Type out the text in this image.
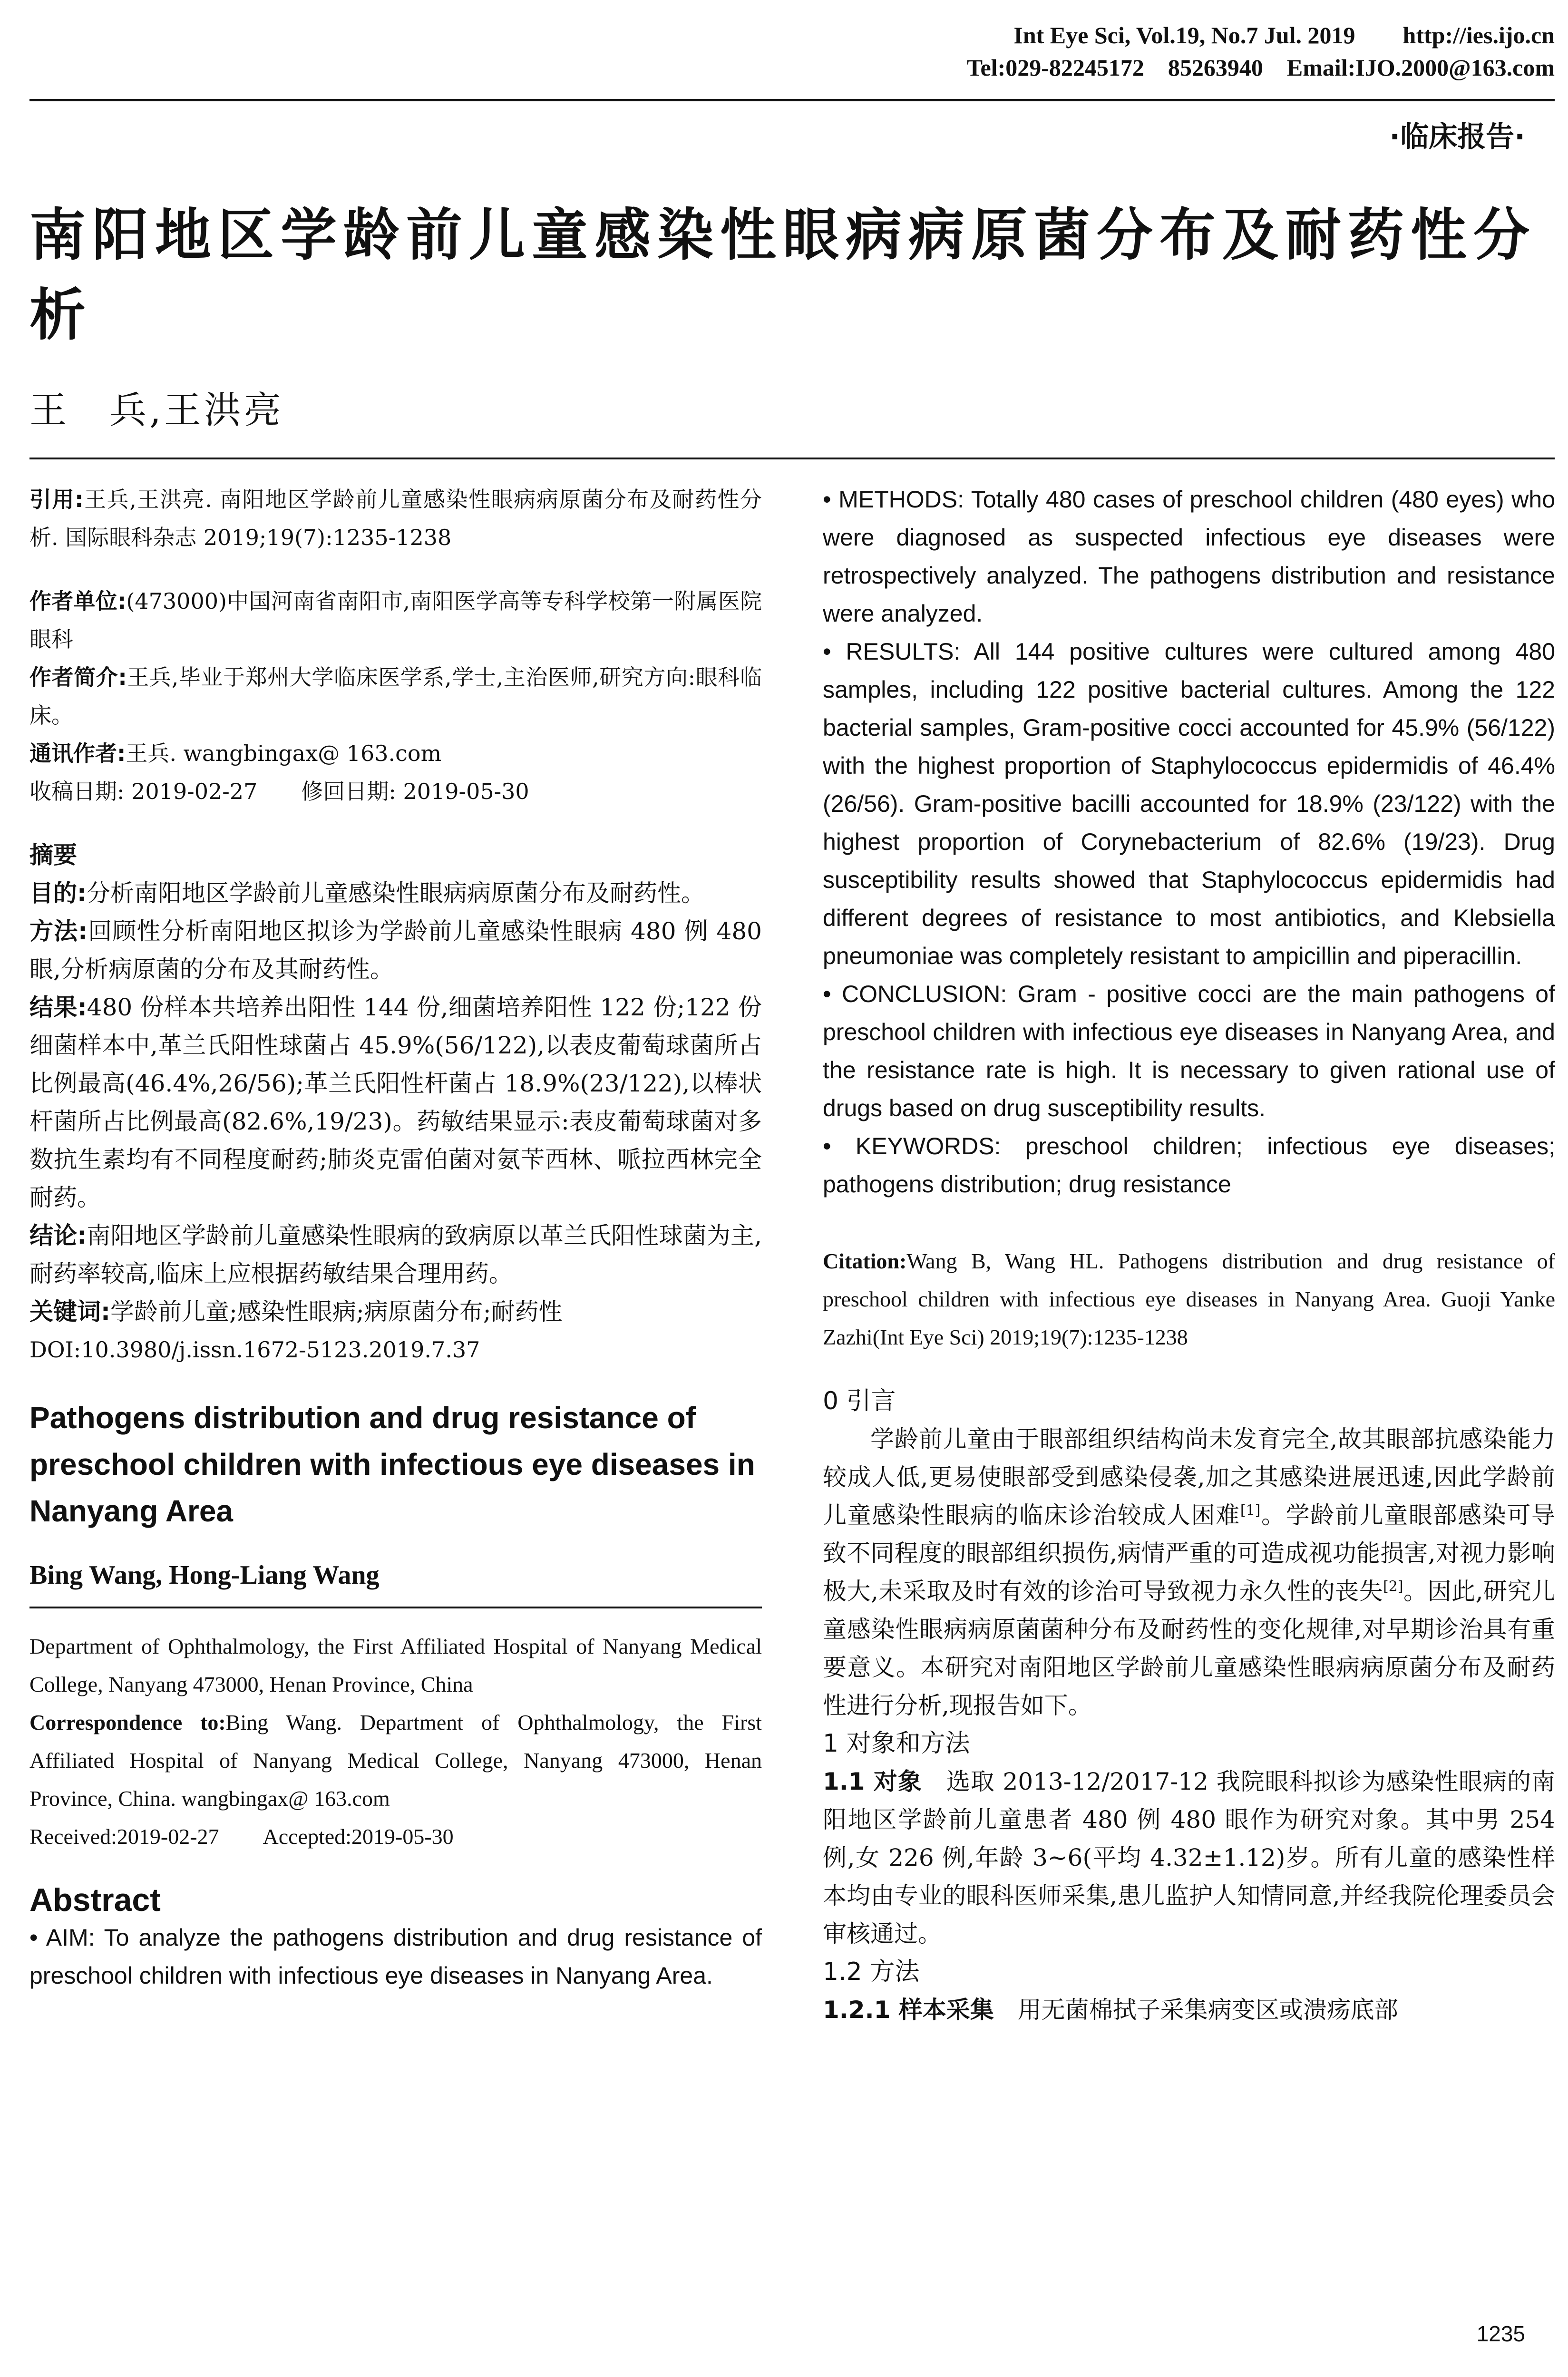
Int Eye Sci, Vol.19, No.7 Jul. 2019        http://ies.ijo.cn
Tel:029-82245172    85263940    Email:IJO.2000@163.com
·临床报告·
南阳地区学龄前儿童感染性眼病病原菌分布及耐药性分析
王　兵,王洪亮

引用:王兵,王洪亮. 南阳地区学龄前儿童感染性眼病病原菌分布及耐药性分析. 国际眼科杂志 2019;19(7):1235-1238

作者单位:(473000)中国河南省南阳市,南阳医学高等专科学校第一附属医院眼科

作者简介:王兵,毕业于郑州大学临床医学系,学士,主治医师,研究方向:眼科临床。

通讯作者:王兵. wangbingax@ 163.com

收稿日期: 2019-02-27　　修回日期: 2019-05-30

摘要

目的:分析南阳地区学龄前儿童感染性眼病病原菌分布及耐药性。

方法:回顾性分析南阳地区拟诊为学龄前儿童感染性眼病 480 例 480 眼,分析病原菌的分布及其耐药性。

结果:480 份样本共培养出阳性 144 份,细菌培养阳性 122 份;122 份细菌样本中,革兰氏阳性球菌占 45.9%(56/122),以表皮葡萄球菌所占比例最高(46.4%,26/56);革兰氏阳性杆菌占 18.9%(23/122),以棒状杆菌所占比例最高(82.6%,19/23)。药敏结果显示:表皮葡萄球菌对多数抗生素均有不同程度耐药;肺炎克雷伯菌对氨苄西林、哌拉西林完全耐药。

结论:南阳地区学龄前儿童感染性眼病的致病原以革兰氏阳性球菌为主,耐药率较高,临床上应根据药敏结果合理用药。

关键词:学龄前儿童;感染性眼病;病原菌分布;耐药性

DOI:10.3980/j.issn.1672-5123.2019.7.37

Pathogens distribution and drug resistance of preschool children with infectious eye diseases in Nanyang Area

Bing Wang, Hong-Liang Wang

Department of Ophthalmology, the First Affiliated Hospital of Nanyang Medical College, Nanyang 473000, Henan Province, China

Correspondence to:Bing Wang. Department of Ophthalmology, the First Affiliated Hospital of Nanyang Medical College, Nanyang 473000, Henan Province, China. wangbingax@ 163.com

Received:2019-02-27　　Accepted:2019-05-30

Abstract

• AIM: To analyze the pathogens distribution and drug resistance of preschool children with infectious eye diseases in Nanyang Area.

• METHODS: Totally 480 cases of preschool children (480 eyes) who were diagnosed as suspected infectious eye diseases were retrospectively analyzed. The pathogens distribution and resistance were analyzed.

• RESULTS: All 144 positive cultures were cultured among 480 samples, including 122 positive bacterial cultures. Among the 122 bacterial samples, Gram-positive cocci accounted for 45.9% (56/122) with the highest proportion of Staphylococcus epidermidis of 46.4% (26/56). Gram-positive bacilli accounted for 18.9% (23/122) with the highest proportion of Corynebacterium of 82.6% (19/23). Drug susceptibility results showed that Staphylococcus epidermidis had different degrees of resistance to most antibiotics, and Klebsiella pneumoniae was completely resistant to ampicillin and piperacillin.

• CONCLUSION: Gram - positive cocci are the main pathogens of preschool children with infectious eye diseases in Nanyang Area, and the resistance rate is high. It is necessary to given rational use of drugs based on drug susceptibility results.

• KEYWORDS: preschool children; infectious eye diseases; pathogens distribution; drug resistance

Citation:Wang B, Wang HL. Pathogens distribution and drug resistance of preschool children with infectious eye diseases in Nanyang Area. Guoji Yanke Zazhi(Int Eye Sci) 2019;19(7):1235-1238

0 引言

学龄前儿童由于眼部组织结构尚未发育完全,故其眼部抗感染能力较成人低,更易使眼部受到感染侵袭,加之其感染进展迅速,因此学龄前儿童感染性眼病的临床诊治较成人困难[1]。学龄前儿童眼部感染可导致不同程度的眼部组织损伤,病情严重的可造成视功能损害,对视力影响极大,未采取及时有效的诊治可导致视力永久性的丧失[2]。因此,研究儿童感染性眼病病原菌菌种分布及耐药性的变化规律,对早期诊治具有重要意义。本研究对南阳地区学龄前儿童感染性眼病病原菌分布及耐药性进行分析,现报告如下。

1 对象和方法

1.1 对象　 选取 2013-12/2017-12 我院眼科拟诊为感染性眼病的南阳地区学龄前儿童患者 480 例 480 眼作为研究对象。其中男 254 例,女 226 例,年龄 3~6(平均 4.32±1.12)岁。所有儿童的感染性样本均由专业的眼科医师采集,患儿监护人知情同意,并经我院伦理委员会审核通过。

1.2 方法

1.2.1 样本采集　 用无菌棉拭子采集病变区或溃疡底部

1235
